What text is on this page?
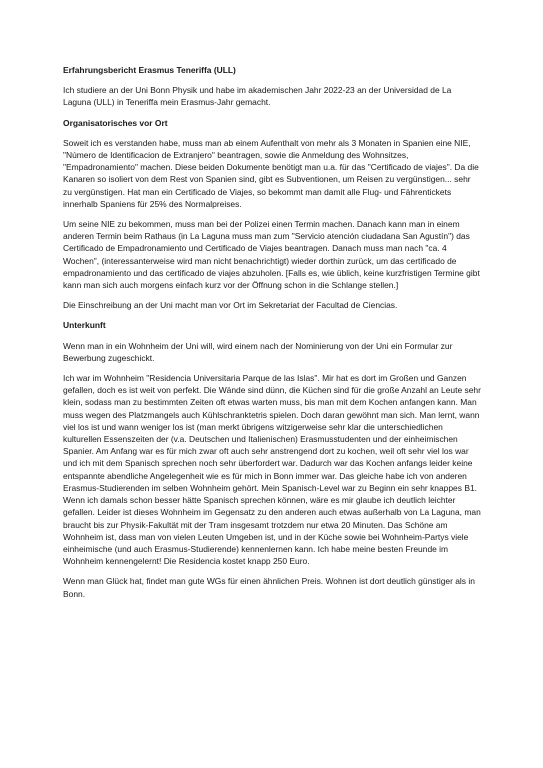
Erfahrungsbericht Erasmus Teneriffa (ULL)

Ich studiere an der Uni Bonn Physik und habe im akademischen Jahr 2022-23 an der Universidad de La Laguna (ULL) in Teneriffa mein Erasmus-Jahr gemacht.

Organisatorisches vor Ort

Soweit ich es verstanden habe, muss man ab einem Aufenthalt von mehr als 3 Monaten in Spanien eine NIE, "Número de Identificacion de Extranjero" beantragen, sowie die Anmeldung des Wohnsitzes, "Empadronamiento" machen. Diese beiden Dokumente benötigt man u.a. für das "Certificado de viajes". Da die Kanaren so isoliert von dem Rest von Spanien sind, gibt es Subventionen, um Reisen zu vergünstigen... sehr zu vergünstigen. Hat man ein Certificado de Viajes, so bekommt man damit alle Flug- und Fährentickets innerhalb Spaniens für 25% des Normalpreises.

Um seine NIE zu bekommen, muss man bei der Polizei einen Termin machen. Danach kann man in einem anderen Termin beim Rathaus (in La Laguna muss man zum "Servicio atención ciudadana San Agustín") das Certificado de Empadronamiento und Certificado de Viajes beantragen. Danach muss man nach "ca. 4 Wochen", (interessanterweise wird man nicht benachrichtigt) wieder dorthin zurück, um das certificado de empadronamiento und das certificado de viajes abzuholen. [Falls es, wie üblich, keine kurzfristigen Termine gibt kann man sich auch morgens einfach kurz vor der Öffnung schon in die Schlange stellen.]

Die Einschreibung an der Uni macht man vor Ort im Sekretariat der Facultad de Ciencias.

Unterkunft

Wenn man in ein Wohnheim der Uni will, wird einem nach der Nominierung von der Uni ein Formular zur Bewerbung zugeschickt.

Ich war im Wohnheim "Residencia Universitaria Parque de las Islas". Mir hat es dort im Großen und Ganzen gefallen, doch es ist weit von perfekt. Die Wände sind dünn, die Küchen sind für die große Anzahl an Leute sehr klein, sodass man zu bestimmten Zeiten oft etwas warten muss, bis man mit dem Kochen anfangen kann. Man muss wegen des Platzmangels auch Kühlschranktetris spielen. Doch daran gewöhnt man sich. Man lernt, wann viel los ist und wann weniger los ist (man merkt übrigens witzigerweise sehr klar die unterschiedlichen kulturellen Essenszeiten der (v.a. Deutschen und Italienischen) Erasmusstudenten und der einheimischen Spanier. Am Anfang war es für mich zwar oft auch sehr anstrengend dort zu kochen, weil oft sehr viel los war und ich mit dem Spanisch sprechen noch sehr überfordert war. Dadurch war das Kochen anfangs leider keine entspannte abendliche Angelegenheit wie es für mich in Bonn immer war. Das gleiche habe ich von anderen Erasmus-Studierenden im selben Wohnheim gehört. Mein Spanisch-Level war zu Beginn ein sehr knappes B1. Wenn ich damals schon besser hätte Spanisch sprechen können, wäre es mir glaube ich deutlich leichter gefallen. Leider ist dieses Wohnheim im Gegensatz zu den anderen auch etwas außerhalb von La Laguna, man braucht bis zur Physik-Fakultät mit der Tram insgesamt trotzdem nur etwa 20 Minuten. Das Schöne am Wohnheim ist, dass man von vielen Leuten Umgeben ist, und in der Küche sowie bei Wohnheim-Partys viele einheimische (und auch Erasmus-Studierende) kennenlernen kann. Ich habe meine besten Freunde im Wohnheim kennengelernt! Die Residencia kostet knapp 250 Euro.

Wenn man Glück hat, findet man gute WGs für einen ähnlichen Preis. Wohnen ist dort deutlich günstiger als in Bonn.
